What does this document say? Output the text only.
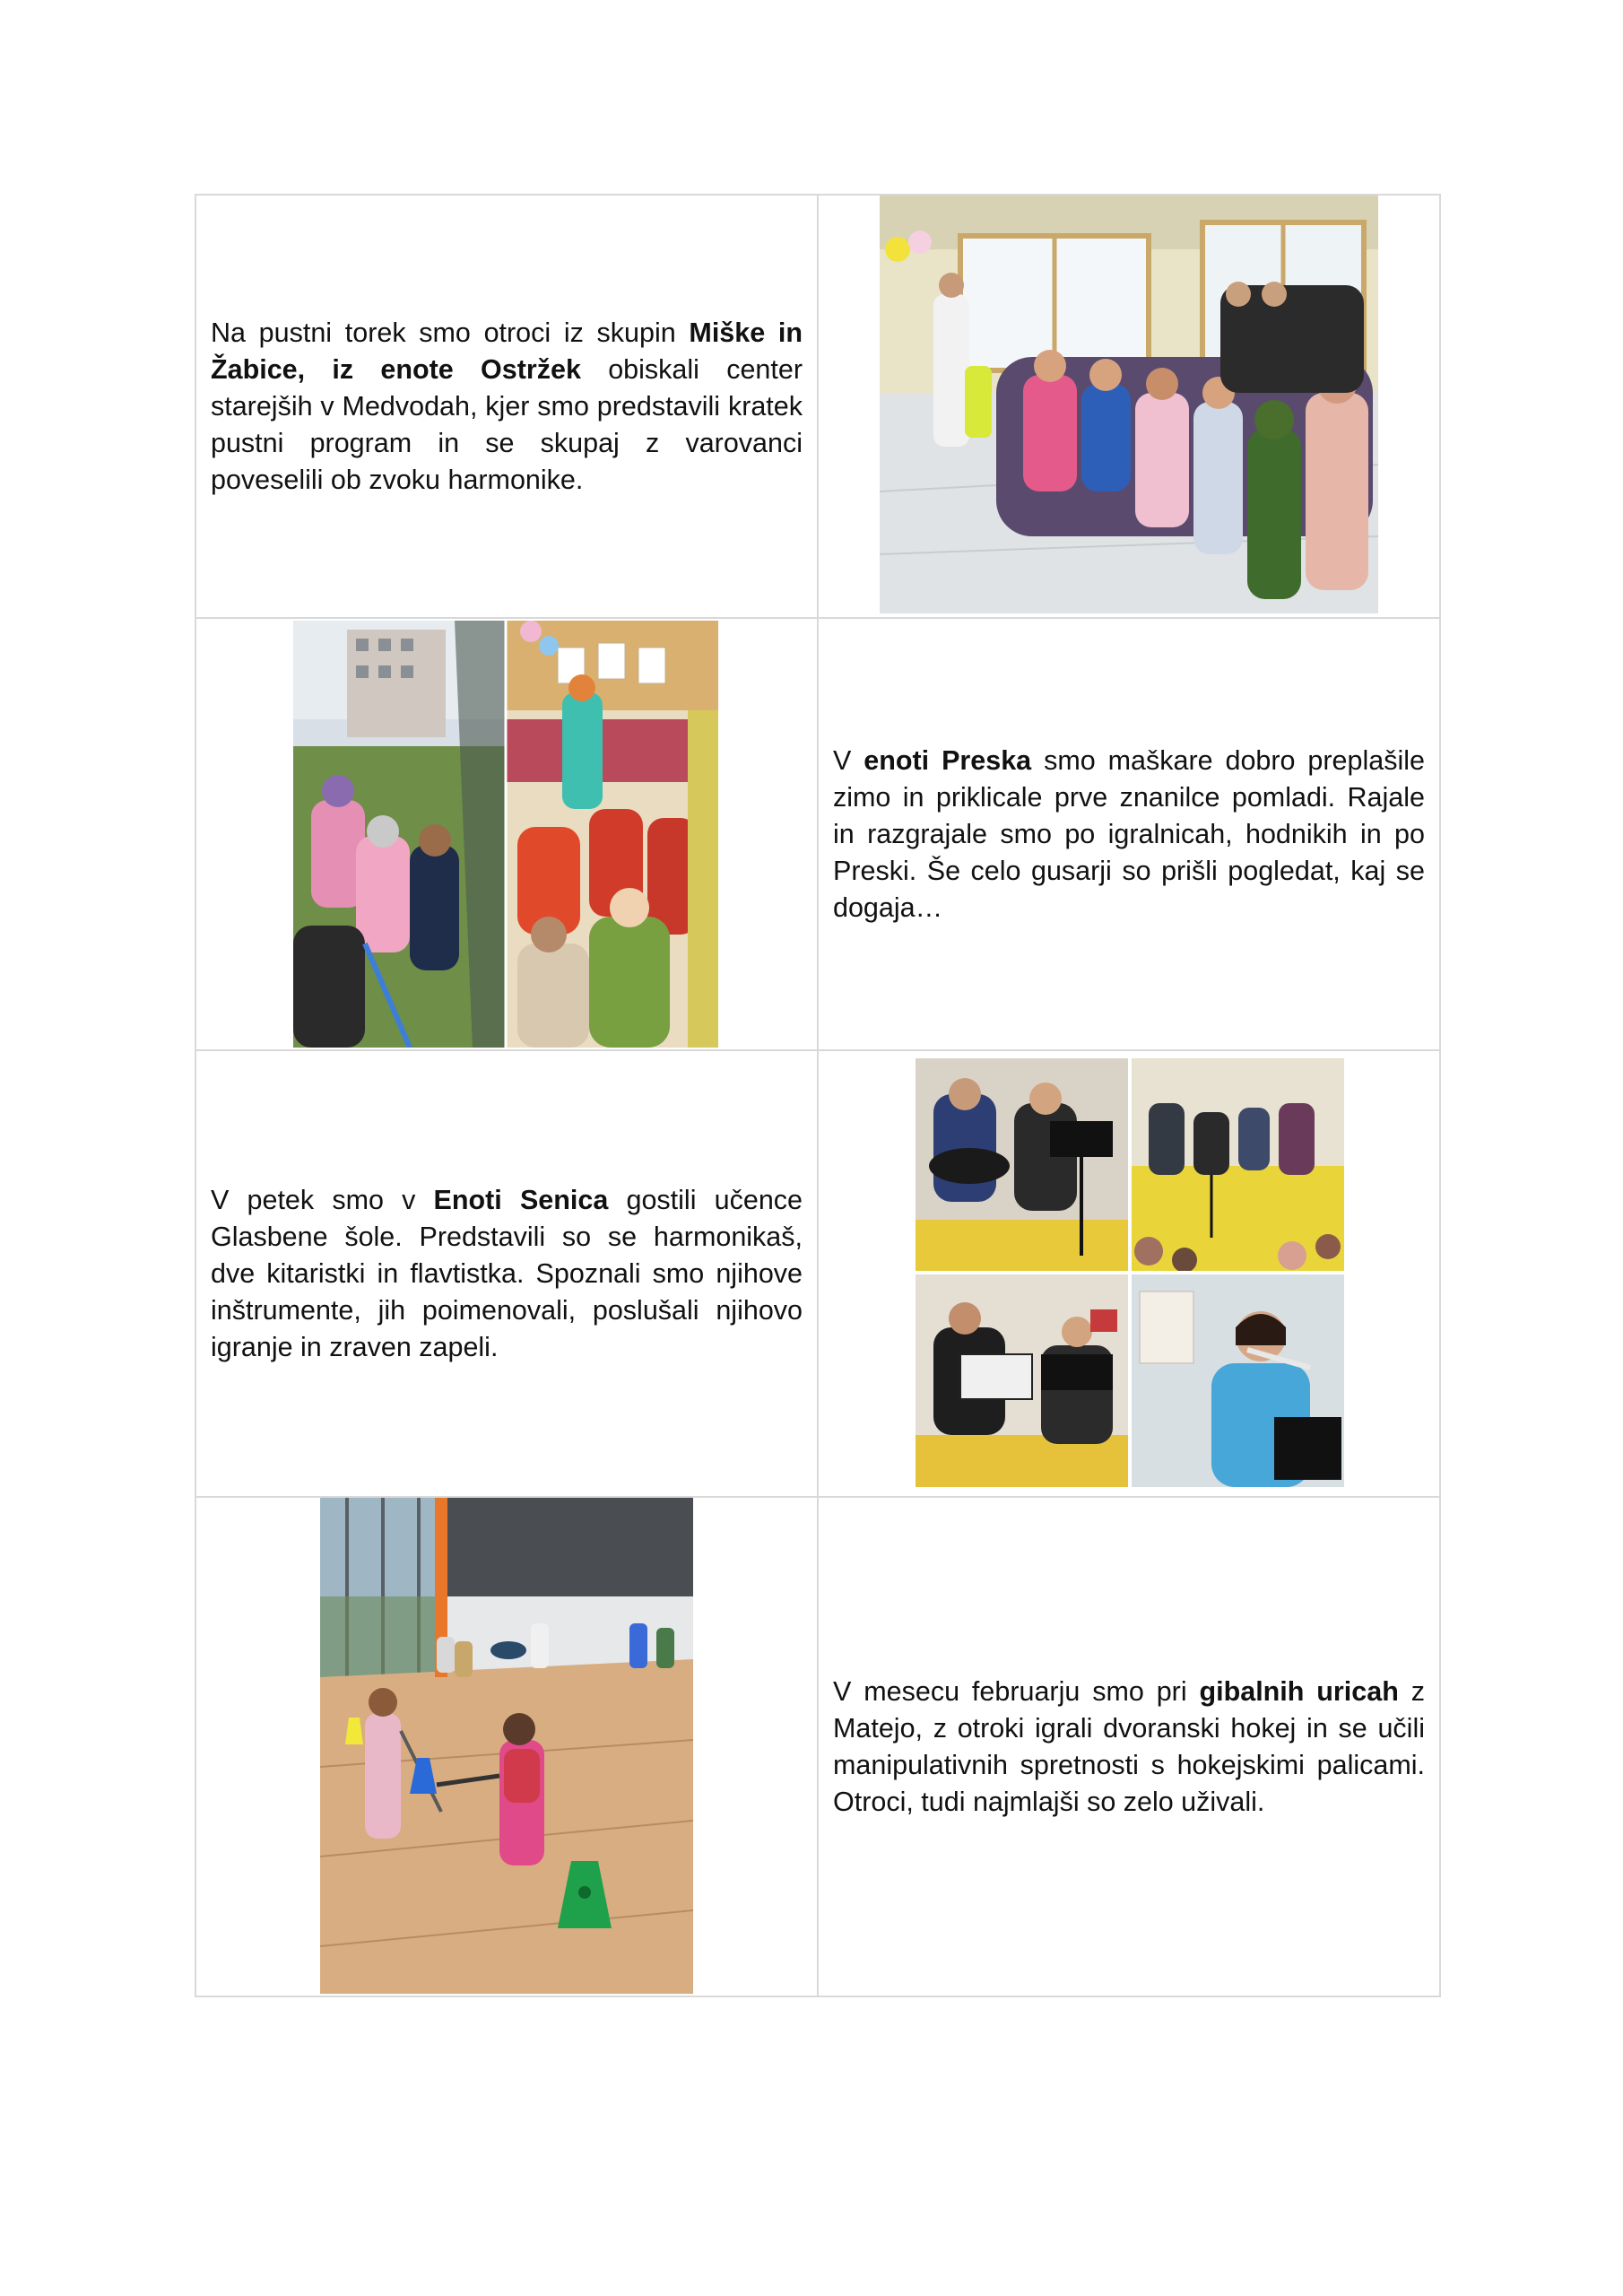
Na pustni torek smo otroci iz skupin Miške in Žabice, iz enote Ostržek obiskali center starejših v Medvodah, kjer smo predstavili kratek pustni program in se skupaj z varovanci poveselili ob zvoku harmonike.

V enoti Preska smo maškare dobro preplašile zimo in priklicale prve znanilce pomladi. Rajale in razgrajale smo po igralnicah, hodnikih in po Preski. Še celo gusarji so prišli pogledat, kaj se dogaja…

V petek smo v Enoti Senica gostili učence Glasbene šole. Predstavili so se harmonikaš, dve kitaristki in flavtistka. Spoznali smo njihove inštrumente, jih poimenovali, poslušali njihovo igranje in zraven zapeli.

V mesecu februarju smo pri gibalnih uricah z Matejo, z otroki igrali dvoranski hokej in se učili manipulativnih spretnosti s hokejskimi palicami. Otroci, tudi najmlajši so zelo uživali.
